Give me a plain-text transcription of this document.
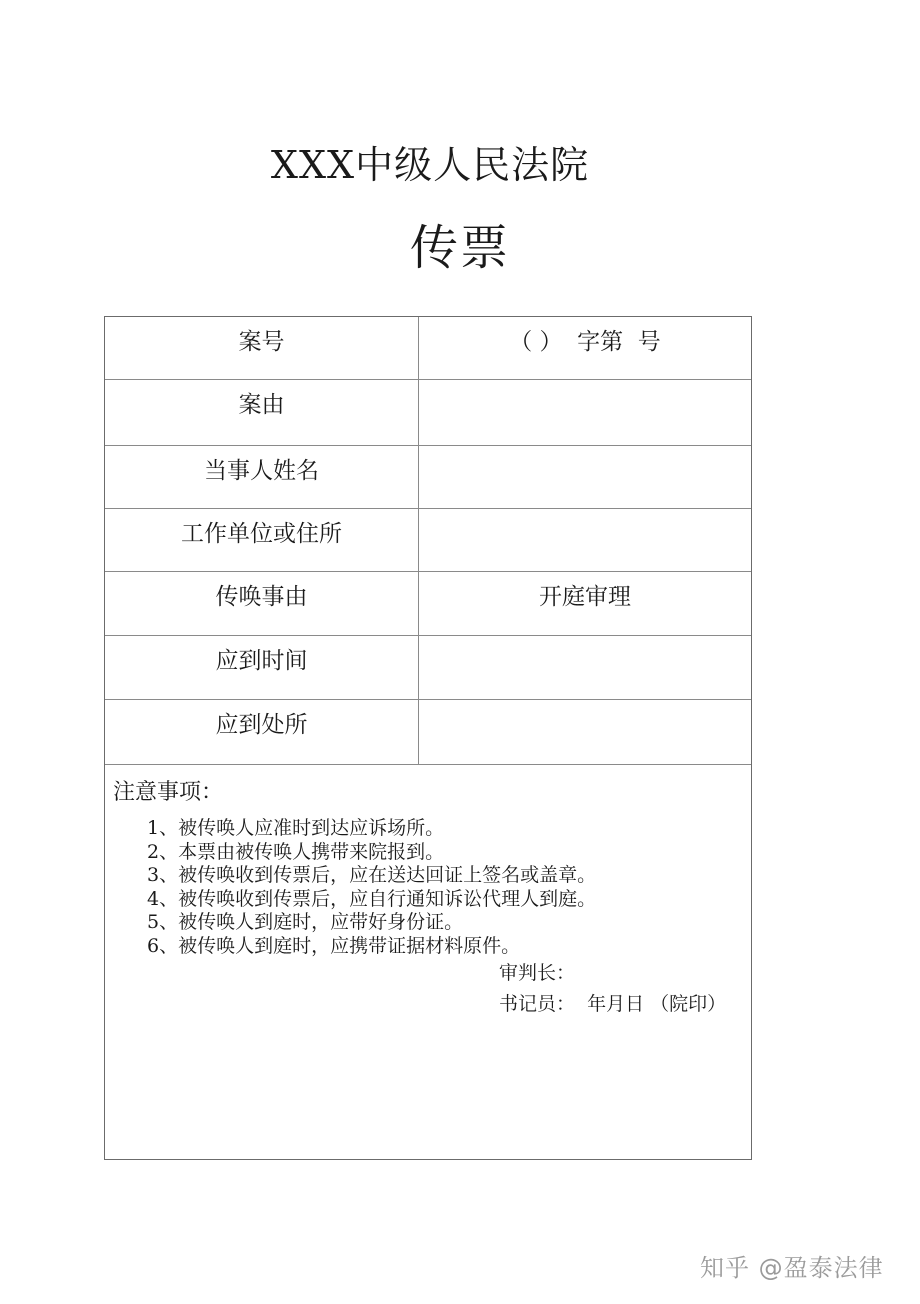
XXX中级人民法院
传票
案号	（ ）  字第  号
案由
当事人姓名
工作单位或住所
传唤事由	开庭审理
应到时间
应到处所
注意事项：
1、被传唤人应准时到达应诉场所。
2、本票由被传唤人携带来院报到。
3、被传唤收到传票后，应在送达回证上签名或盖章。
4、被传唤收到传票后，应自行通知诉讼代理人到庭。
5、被传唤人到庭时，应带好身份证。
6、被传唤人到庭时，应携带证据材料原件。
审判长：
书记员：  年月日 （院印）
知乎 @盈泰法律
